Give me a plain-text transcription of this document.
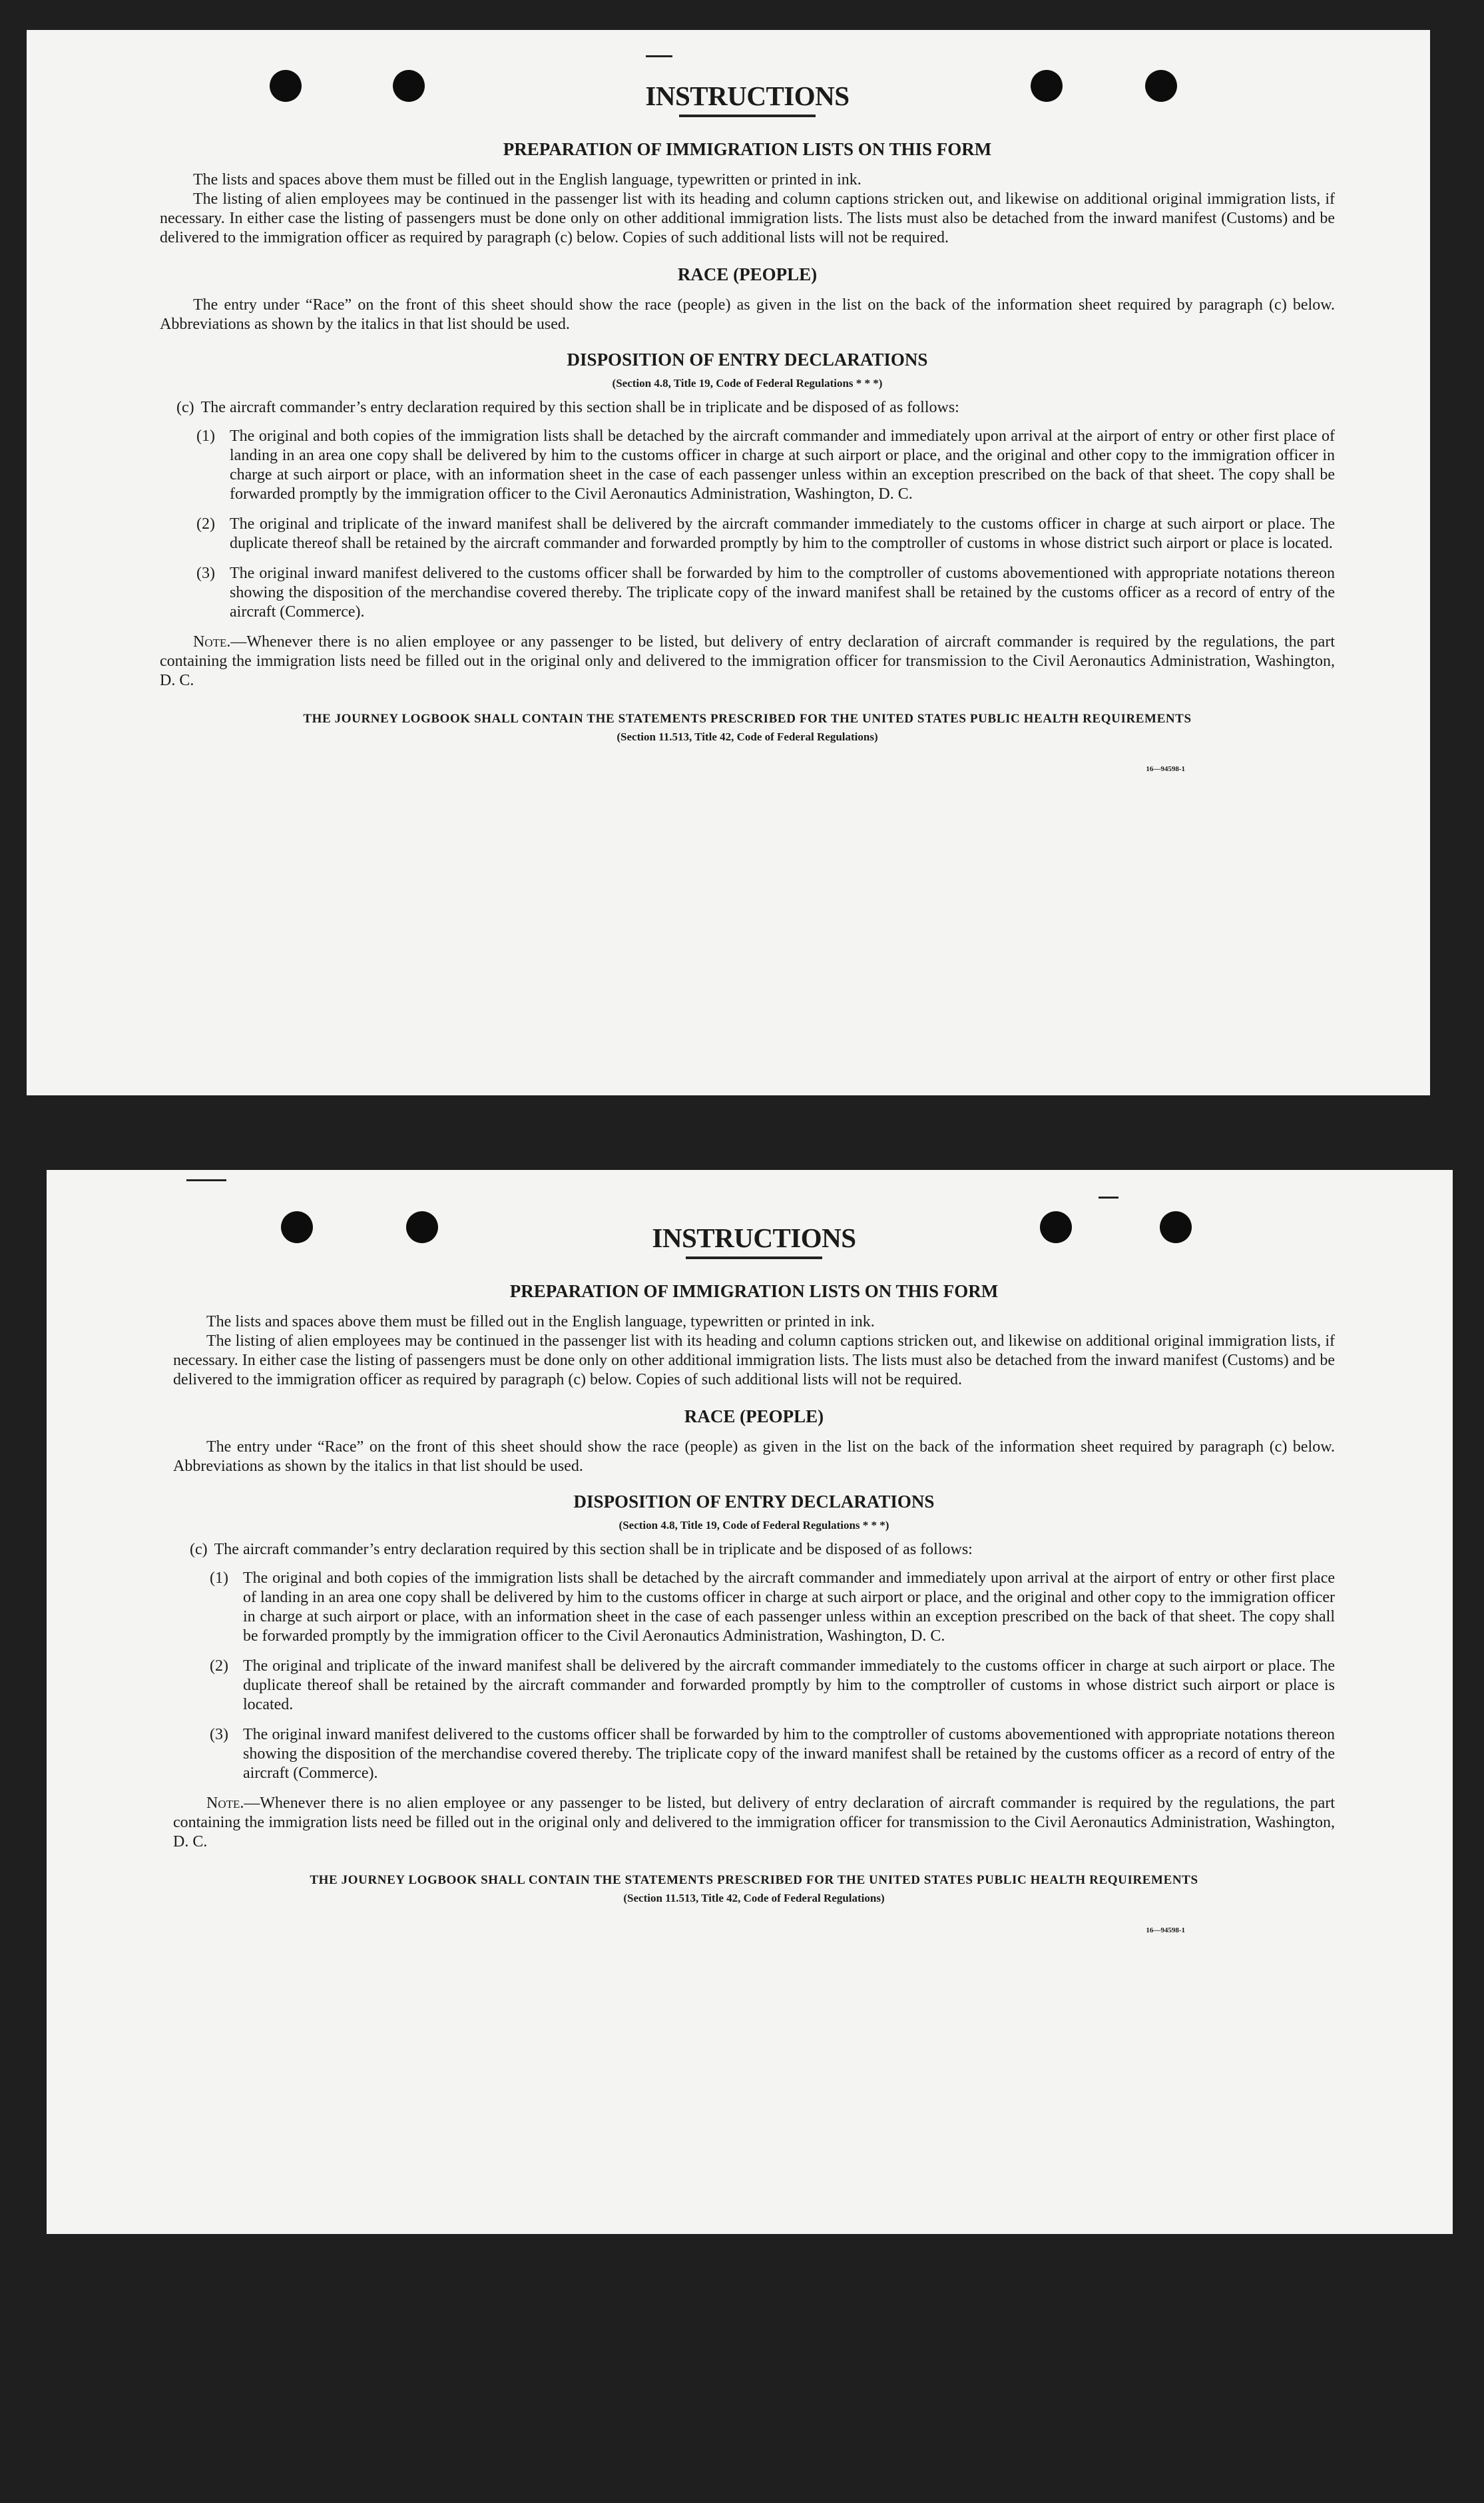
INSTRUCTIONS
PREPARATION OF IMMIGRATION LISTS ON THIS FORM

The lists and spaces above them must be filled out in the English language, typewritten or printed in ink.

The listing of alien employees may be continued in the passenger list with its heading and column captions stricken out, and likewise on additional original immigration lists, if necessary. In either case the listing of passengers must be done only on other additional immigration lists. The lists must also be detached from the inward manifest (Customs) and be delivered to the immigration officer as required by paragraph (c) below. Copies of such additional lists will not be required.

RACE (PEOPLE)

The entry under “Race” on the front of this sheet should show the race (people) as given in the list on the back of the information sheet required by paragraph (c) below. Abbreviations as shown by the italics in that list should be used.

DISPOSITION OF ENTRY DECLARATIONS
(Section 4.8, Title 19, Code of Federal Regulations * * *)
(c) The aircraft commander’s entry declaration required by this section shall be in triplicate and be disposed of as follows:
(1) The original and both copies of the immigration lists shall be detached by the aircraft commander and immediately upon arrival at the airport of entry or other first place of landing in an area one copy shall be delivered by him to the customs officer in charge at such airport or place, and the original and other copy to the immigration officer in charge at such airport or place, with an information sheet in the case of each passenger unless within an exception prescribed on the back of that sheet. The copy shall be forwarded promptly by the immigration officer to the Civil Aeronautics Administration, Washington, D. C.
(2) The original and triplicate of the inward manifest shall be delivered by the aircraft commander immediately to the customs officer in charge at such airport or place. The duplicate thereof shall be retained by the aircraft commander and forwarded promptly by him to the comptroller of customs in whose district such airport or place is located.
(3) The original inward manifest delivered to the customs officer shall be forwarded by him to the comptroller of customs abovementioned with appropriate notations thereon showing the disposition of the merchandise covered thereby. The triplicate copy of the inward manifest shall be retained by the customs officer as a record of entry of the aircraft (Commerce).

Note.—Whenever there is no alien employee or any passenger to be listed, but delivery of entry declaration of aircraft commander is required by the regulations, the part containing the immigration lists need be filled out in the original only and delivered to the immigration officer for transmission to the Civil Aeronautics Administration, Washington, D. C.

THE JOURNEY LOGBOOK SHALL CONTAIN THE STATEMENTS PRESCRIBED FOR THE UNITED STATES PUBLIC HEALTH REQUIREMENTS
(Section 11.513, Title 42, Code of Federal Regulations)
16—94598-1
INSTRUCTIONS
PREPARATION OF IMMIGRATION LISTS ON THIS FORM

The lists and spaces above them must be filled out in the English language, typewritten or printed in ink.

The listing of alien employees may be continued in the passenger list with its heading and column captions stricken out, and likewise on additional original immigration lists, if necessary. In either case the listing of passengers must be done only on other additional immigration lists. The lists must also be detached from the inward manifest (Customs) and be delivered to the immigration officer as required by paragraph (c) below. Copies of such additional lists will not be required.

RACE (PEOPLE)

The entry under “Race” on the front of this sheet should show the race (people) as given in the list on the back of the information sheet required by paragraph (c) below. Abbreviations as shown by the italics in that list should be used.

DISPOSITION OF ENTRY DECLARATIONS
(Section 4.8, Title 19, Code of Federal Regulations * * *)
(c) The aircraft commander’s entry declaration required by this section shall be in triplicate and be disposed of as follows:
(1) The original and both copies of the immigration lists shall be detached by the aircraft commander and immediately upon arrival at the airport of entry or other first place of landing in an area one copy shall be delivered by him to the customs officer in charge at such airport or place, and the original and other copy to the immigration officer in charge at such airport or place, with an information sheet in the case of each passenger unless within an exception prescribed on the back of that sheet. The copy shall be forwarded promptly by the immigration officer to the Civil Aeronautics Administration, Washington, D. C.
(2) The original and triplicate of the inward manifest shall be delivered by the aircraft commander immediately to the customs officer in charge at such airport or place. The duplicate thereof shall be retained by the aircraft commander and forwarded promptly by him to the comptroller of customs in whose district such airport or place is located.
(3) The original inward manifest delivered to the customs officer shall be forwarded by him to the comptroller of customs abovementioned with appropriate notations thereon showing the disposition of the merchandise covered thereby. The triplicate copy of the inward manifest shall be retained by the customs officer as a record of entry of the aircraft (Commerce).

Note.—Whenever there is no alien employee or any passenger to be listed, but delivery of entry declaration of aircraft commander is required by the regulations, the part containing the immigration lists need be filled out in the original only and delivered to the immigration officer for transmission to the Civil Aeronautics Administration, Washington, D. C.

THE JOURNEY LOGBOOK SHALL CONTAIN THE STATEMENTS PRESCRIBED FOR THE UNITED STATES PUBLIC HEALTH REQUIREMENTS
(Section 11.513, Title 42, Code of Federal Regulations)
16—94598-1
